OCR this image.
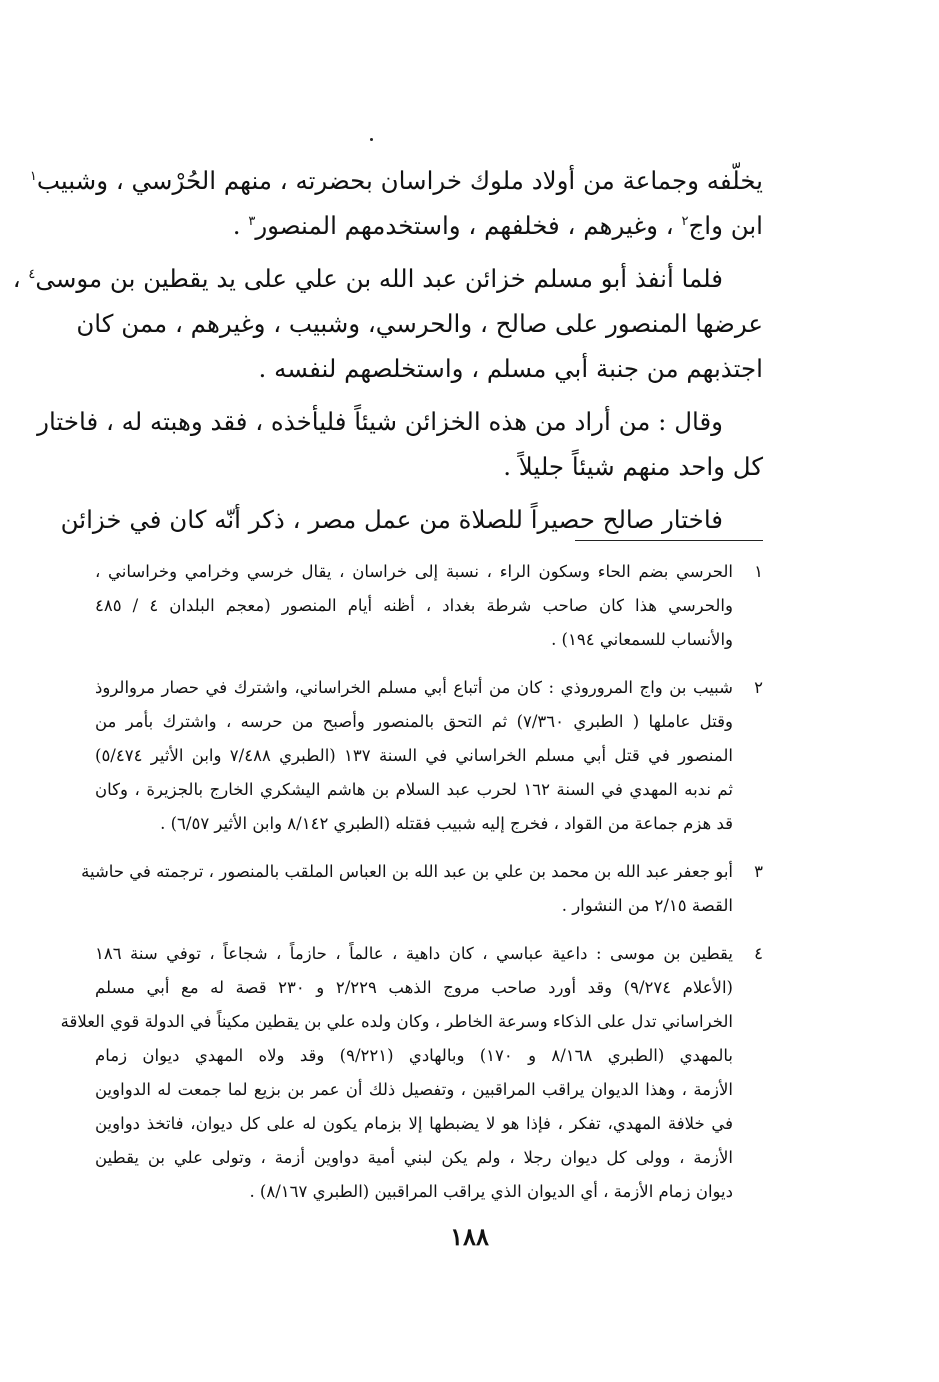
يخلّفه وجماعة من أولاد ملوك خراسان بحضرته ، منهم الحُرْسي ، وشبيب$^١$
ابن واج$^٢$ ، وغيرهم ، فخلفهم ، واستخدمهم المنصور$^٣$ .
فلما أنفذ أبو مسلم خزائن عبد الله بن علي على يد يقطين بن موسى$^٤$ ،
عرضها المنصور على صالح ، والحرسي، وشبيب ، وغيرهم ، ممن كان
اجتذبهم من جنبة أبي مسلم ، واستخلصهم لنفسه .
وقال : من أراد من هذه الخزائن شيئاً فليأخذه ، فقد وهبته له ، فاختار
كل واحد منهم شيئاً جليلاً .
فاختار صالح حصيراً للصلاة من عمل مصر ، ذكر أنّه كان في خزائن
١
الحرسي بضم الحاء وسكون الراء ، نسبة إلى خراسان ، يقال خرسي وخرامي وخراساني ،
والحرسي هذا كان صاحب شرطة بغداد ، أظنه أيام المنصور (معجم البلدان ٤ / ٤٨٥
والأنساب للسمعاني ١٩٤) .
٢
شبيب بن واج المروروذي : كان من أتباع أبي مسلم الخراساني، واشترك في حصار مروالروذ
وقتل عاملها ( الطبري ٧/٣٦٠) ثم التحق بالمنصور وأصبح من حرسه ، واشترك بأمر من
المنصور في قتل أبي مسلم الخراساني في السنة ١٣٧ (الطبري ٧/٤٨٨ وابن الأثير ٥/٤٧٤)
ثم ندبه المهدي في السنة ١٦٢ لحرب عبد السلام بن هاشم اليشكري الخارج بالجزيرة ، وكان
قد هزم جماعة من القواد ، فخرج إليه شبيب فقتله (الطبري ٨/١٤٢ وابن الأثير ٦/٥٧) .
٣
أبو جعفر عبد الله بن محمد بن علي بن عبد الله بن العباس الملقب بالمنصور ، ترجمته في حاشية
القصة ٢/١٥ من النشوار .
٤
يقطين بن موسى : داعية عباسي ، كان داهية ، عالماً ، حازماً ، شجاعاً ، توفي سنة ١٨٦
(الأعلام ٩/٢٧٤) وقد أورد صاحب مروج الذهب ٢/٢٢٩ و ٢٣٠ قصة له مع أبي مسلم
الخراساني تدل على الذكاء وسرعة الخاطر ، وكان ولده علي بن يقطين مكيناً في الدولة قوي العلاقة
بالمهدي (الطبري ٨/١٦٨ و ١٧٠) وبالهادي (٩/٢٢١) وقد ولاه المهدي ديوان زمام
الأزمة ، وهذا الديوان يراقب المراقبين ، وتفصيل ذلك أن عمر بن بزيع لما جمعت له الدواوين
في خلافة المهدي، تفكر ، فإذا هو لا يضبطها إلا بزمام يكون له على كل ديوان، فاتخذ دواوين
الأزمة ، وولى كل ديوان رجلا ، ولم يكن لبني أمية دواوين أزمة ، وتولى علي بن يقطين
ديوان زمام الأزمة ، أي الديوان الذي يراقب المراقبين (الطبري ٨/١٦٧) .
١٨٨
